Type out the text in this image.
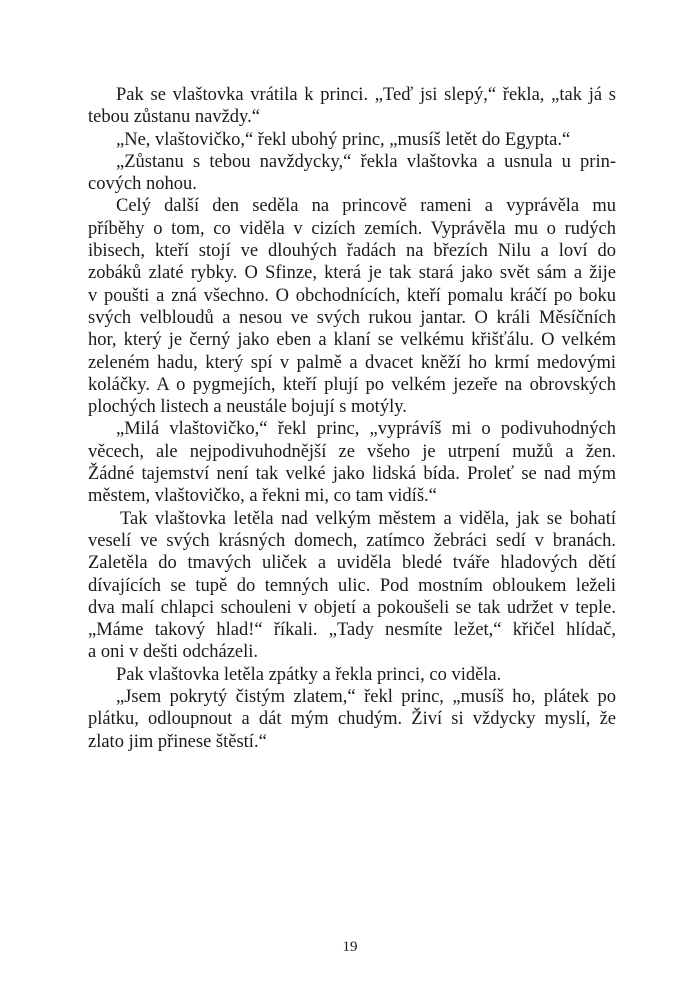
Pak se vlaštovka vrátila k princi. „Teď jsi slepý,“ řekla, „tak já s
tebou zůstanu navždy.“
„Ne, vlaštovičko,“ řekl ubohý princ, „musíš letět do Egypta.“
„Zůstanu s tebou navždycky,“ řekla vlaštovka a usnula u prin-
cových nohou.
Celý další den seděla na princově rameni a vyprávěla mu
příběhy o tom, co viděla v cizích zemích. Vyprávěla mu o rudých
ibisech, kteří stojí ve dlouhých řadách na březích Nilu a loví do
zobáků zlaté rybky. O Sfinze, která je tak stará jako svět sám a žije
v poušti a zná všechno. O obchodnících, kteří pomalu kráčí po boku
svých velbloudů a nesou ve svých rukou jantar. O králi Měsíčních
hor, který je černý jako eben a klaní se velkému křišťálu. O velkém
zeleném hadu, který spí v palmě a dvacet kněží ho krmí medovými
koláčky. A o pygmejích, kteří plují po velkém jezeře na obrovských
plochých listech a neustále bojují s motýly.
„Milá vlaštovičko,“ řekl princ, „vyprávíš mi o podivuhodných
věcech, ale nejpodivuhodnější ze všeho je utrpení mužů a žen.
Žádné tajemství není tak velké jako lidská bída. Proleť se nad mým
městem, vlaštovičko, a řekni mi, co tam vidíš.“
Tak vlaštovka letěla nad velkým městem a viděla, jak se bohatí
veselí ve svých krásných domech, zatímco žebráci sedí v branách.
Zaletěla do tmavých uliček a uviděla bledé tváře hladových dětí
dívajících se tupě do temných ulic. Pod mostním obloukem leželi
dva malí chlapci schouleni v objetí a pokoušeli se tak udržet v teple.
„Máme takový hlad!“ říkali. „Tady nesmíte ležet,“ křičel hlídač,
a oni v dešti odcházeli.
Pak vlaštovka letěla zpátky a řekla princi, co viděla.
„Jsem pokrytý čistým zlatem,“ řekl princ, „musíš ho, plátek po
plátku, odloupnout a dát mým chudým. Živí si vždycky myslí, že
zlato jim přinese štěstí.“
19
